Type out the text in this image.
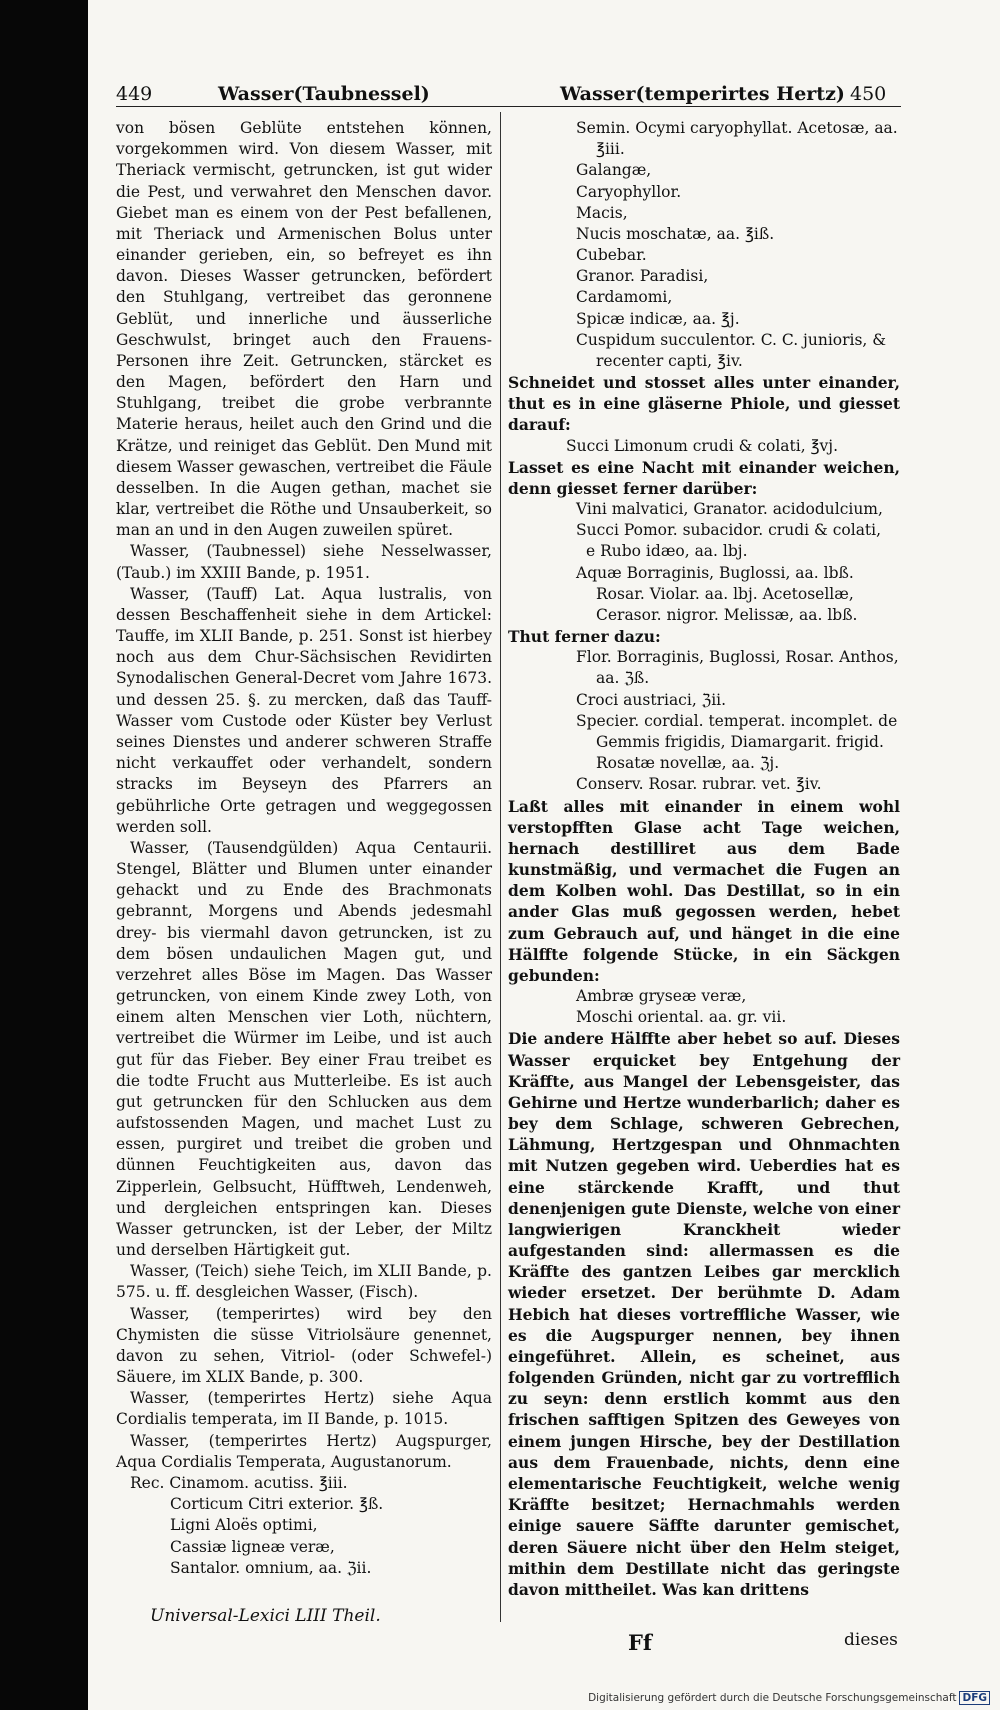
449	Wasser(Taubnessel)	Wasser(temperirtes Hertz) 450

von bösen Geblüte entstehen können, vorgekommen wird. Von diesem Wasser, mit Theriack vermischt, getruncken, ist gut wider die Pest, und verwahret den Menschen davor. Giebet man es einem von der Pest befallenen, mit Theriack und Armenischen Bolus unter einander gerieben, ein, so befreyet es ihn davon. Dieses Wasser getruncken, befördert den Stuhlgang, vertreibet das geronnene Geblüt, und innerliche und äusserliche Geschwulst, bringet auch den Frauens-Personen ihre Zeit. Getruncken, stärcket es den Magen, befördert den Harn und Stuhlgang, treibet die grobe verbrannte Materie heraus, heilet auch den Grind und die Krätze, und reiniget das Geblüt. Den Mund mit diesem Wasser gewaschen, vertreibet die Fäule desselben. In die Augen gethan, machet sie klar, vertreibet die Röthe und Unsauberkeit, so man an und in den Augen zuweilen spüret.

Wasser, (Taubnessel) siehe Nesselwasser, (Taub.) im XXIII Bande, p. 1951.

Wasser, (Tauff) Lat. Aqua lustralis, von dessen Beschaffenheit siehe in dem Artickel: Tauffe, im XLII Bande, p. 251. Sonst ist hierbey noch aus dem Chur-Sächsischen Revidirten Synodalischen General-Decret vom Jahre 1673. und dessen 25. §. zu mercken, daß das Tauff-Wasser vom Custode oder Küster bey Verlust seines Dienstes und anderer schweren Straffe nicht verkauffet oder verhandelt, sondern stracks im Beyseyn des Pfarrers an gebührliche Orte getragen und weggegossen werden soll.

Wasser, (Tausendgülden) Aqua Centaurii. Stengel, Blätter und Blumen unter einander gehackt und zu Ende des Brachmonats gebrannt, Morgens und Abends jedesmahl drey- bis viermahl davon getruncken, ist zu dem bösen undaulichen Magen gut, und verzehret alles Böse im Magen. Das Wasser getruncken, von einem Kinde zwey Loth, von einem alten Menschen vier Loth, nüchtern, vertreibet die Würmer im Leibe, und ist auch gut für das Fieber. Bey einer Frau treibet es die todte Frucht aus Mutterleibe. Es ist auch gut getruncken für den Schlucken aus dem aufstossenden Magen, und machet Lust zu essen, purgiret und treibet die groben und dünnen Feuchtigkeiten aus, davon das Zipperlein, Gelbsucht, Hüfftweh, Lendenweh, und dergleichen entspringen kan. Dieses Wasser getruncken, ist der Leber, der Miltz und derselben Härtigkeit gut.

Wasser, (Teich) siehe Teich, im XLII Bande, p. 575. u. ff. desgleichen Wasser, (Fisch).

Wasser, (temperirtes) wird bey den Chymisten die süsse Vitriolsäure genennet, davon zu sehen, Vitriol- (oder Schwefel-) Säuere, im XLIX Bande, p. 300.

Wasser, (temperirtes Hertz) siehe Aqua Cordialis temperata, im II Bande, p. 1015.

Wasser, (temperirtes Hertz) Augspurger, Aqua Cordialis Temperata, Augustanorum.

Rec. Cinamom. acutiss. ℥iii.

Corticum Citri exterior. ℥ß.

Ligni Aloës optimi,

Cassiæ ligneæ veræ,

Santalor. omnium, aa. ℨii.

Semin. Ocymi caryophyllat. Acetosæ, aa. ℥iii.

Galangæ,

Caryophyllor.

Macis,

Nucis moschatæ, aa. ℥iß.

Cubebar.

Granor. Paradisi,

Cardamomi,

Spicæ indicæ, aa. ℥j.

Cuspidum succulentor. C. C. junioris, & recenter capti, ℥iv.

Schneidet und stosset alles unter einander, thut es in eine gläserne Phiole, und giesset darauf:

Succi Limonum crudi & colati, ℥vj.

Lasset es eine Nacht mit einander weichen, denn giesset ferner darüber:

Vini malvatici, Granator. acidodulcium,

Succi Pomor. subacidor. crudi & colati,

e Rubo idæo, aa. lbj.

Aquæ Borraginis, Buglossi, aa. lbß. Rosar. Violar. aa. lbj. Acetosellæ, Cerasor. nigror. Melissæ, aa. lbß.

Thut ferner dazu:

Flor. Borraginis, Buglossi, Rosar. Anthos, aa. ℨß.

Croci austriaci, ℨii.

Specier. cordial. temperat. incomplet. de Gemmis frigidis, Diamargarit. frigid. Rosatæ novellæ, aa. ℨj.

Conserv. Rosar. rubrar. vet. ℥iv.

Laßt alles mit einander in einem wohl verstopfften Glase acht Tage weichen, hernach destilliret aus dem Bade kunstmäßig, und vermachet die Fugen an dem Kolben wohl. Das Destillat, so in ein ander Glas muß gegossen werden, hebet zum Gebrauch auf, und hänget in die eine Hälffte folgende Stücke, in ein Säckgen gebunden:

Ambræ gryseæ veræ,

Moschi oriental. aa. gr. vii.

Die andere Hälffte aber hebet so auf. Dieses Wasser erquicket bey Entgehung der Kräffte, aus Mangel der Lebensgeister, das Gehirne und Hertze wunderbarlich; daher es bey dem Schlage, schweren Gebrechen, Lähmung, Hertzgespan und Ohnmachten mit Nutzen gegeben wird. Ueberdies hat es eine stärckende Krafft, und thut denenjenigen gute Dienste, welche von einer langwierigen Kranckheit wieder aufgestanden sind: allermassen es die Kräffte des gantzen Leibes gar mercklich wieder ersetzet. Der berühmte D. Adam Hebich hat dieses vortreffliche Wasser, wie es die Augspurger nennen, bey ihnen eingeführet. Allein, es scheinet, aus folgenden Gründen, nicht gar zu vortrefflich zu seyn: denn erstlich kommt aus den frischen safftigen Spitzen des Geweyes von einem jungen Hirsche, bey der Destillation aus dem Frauenbade, nichts, denn eine elementarische Feuchtigkeit, welche wenig Kräffte besitzet; Hernachmahls werden einige sauere Säffte darunter gemischet, deren Säuere nicht über den Helm steiget, mithin dem Destillate nicht das geringste davon mittheilet. Was kan drittens

Universal-Lexici LIII Theil.
Ff	dieses
Digitalisierung gefördert durch die Deutsche Forschungsgemeinschaft DFG
